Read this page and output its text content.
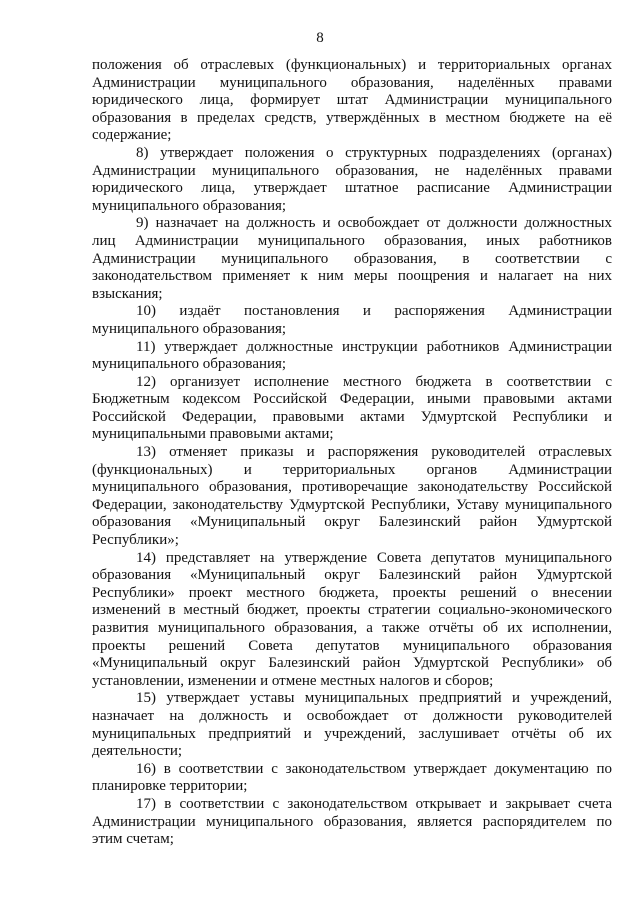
8

положения об отраслевых (функциональных) и территориальных органах Администрации муниципального образования, наделённых правами юридического лица, формирует штат Администрации муниципального образования в пределах средств, утверждённых в местном бюджете на её содержание;

8) утверждает положения о структурных подразделениях (органах) Администрации муниципального образования, не наделённых правами юридического лица, утверждает штатное расписание Администрации муниципального образования;

9) назначает на должность и освобождает от должности должностных лиц Администрации муниципального образования, иных работников Администрации муниципального образования, в соответствии с законодательством применяет к ним меры поощрения и налагает на них взыскания;

10) издаёт постановления и распоряжения Администрации муниципального образования;

11) утверждает должностные инструкции работников Администрации муниципального образования;

12) организует исполнение местного бюджета в соответствии с Бюджетным кодексом Российской Федерации, иными правовыми актами Российской Федерации, правовыми актами Удмуртской Республики и муниципальными правовыми актами;

13) отменяет приказы и распоряжения руководителей отраслевых (функциональных) и территориальных органов Администрации муниципального образования, противоречащие законодательству Российской Федерации, законодательству Удмуртской Республики, Уставу муниципального образования «Муниципальный округ Балезинский район Удмуртской Республики»;

14) представляет на утверждение Совета депутатов муниципального образования «Муниципальный округ Балезинский район Удмуртской Республики» проект местного бюджета, проекты решений о внесении изменений в местный бюджет, проекты стратегии социально-экономического развития муниципального образования, а также отчёты об их исполнении, проекты решений Совета депутатов муниципального образования «Муниципальный округ Балезинский район Удмуртской Республики» об установлении, изменении и отмене местных налогов и сборов;

15) утверждает уставы муниципальных предприятий и учреждений, назначает на должность и освобождает от должности руководителей муниципальных предприятий и учреждений, заслушивает отчёты об их деятельности;

16) в соответствии с законодательством утверждает документацию по планировке территории;

17) в соответствии с законодательством открывает и закрывает счета Администрации муниципального образования, является распорядителем по этим счетам;
